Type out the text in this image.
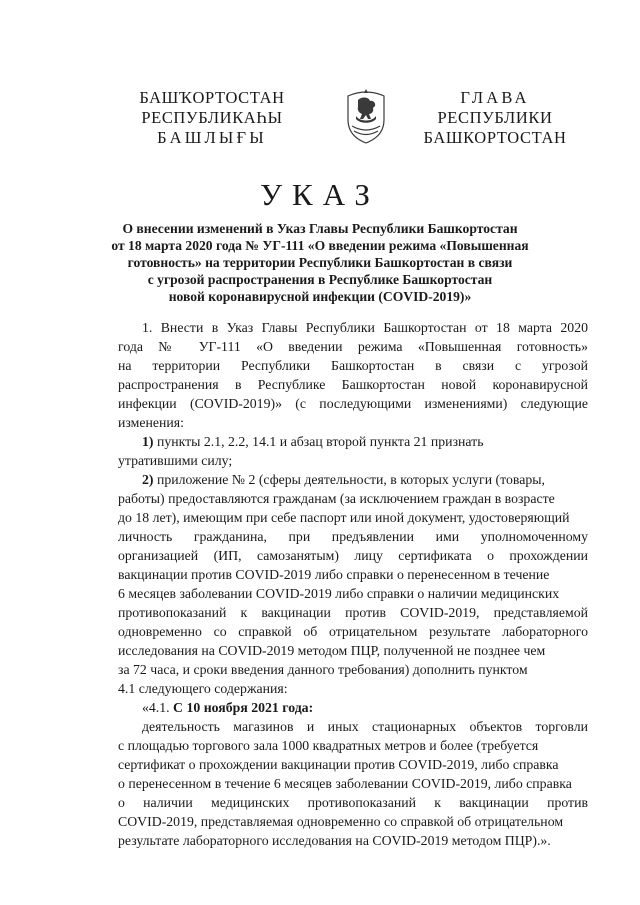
БАШҠОРТОСТАН
РЕСПУБЛИКАҺЫ
БАШЛЫҒЫ
ГЛАВА
РЕСПУБЛИКИ
БАШКОРТОСТАН
УКАЗ
О внесении изменений в Указ Главы Республики Башкортостан
от 18 марта 2020 года № УГ-111 «О введении режима «Повышенная
готовность» на территории Республики Башкортостан в связи
с угрозой распространения в Республике Башкортостан
новой коронавирусной инфекции (COVID-2019)»
1. Внести в Указ Главы Республики Башкортостан от 18 марта 2020
года № УГ-111 «О введении режима «Повышенная готовность»
на территории Республики Башкортостан в связи с угрозой
распространения в Республике Башкортостан новой коронавирусной
инфекции (COVID-2019)» (с последующими изменениями) следующие
изменения:
1) пункты 2.1, 2.2, 14.1 и абзац второй пункта 21 признать
утратившими силу;
2) приложение № 2 (сферы деятельности, в которых услуги (товары,
работы) предоставляются гражданам (за исключением граждан в возрасте
до 18 лет), имеющим при себе паспорт или иной документ, удостоверяющий
личность гражданина, при предъявлении ими уполномоченному
организацией (ИП, самозанятым) лицу сертификата о прохождении
вакцинации против COVID-2019 либо справки о перенесенном в течение
6 месяцев заболевании COVID-2019 либо справки о наличии медицинских
противопоказаний к вакцинации против COVID-2019, представляемой
одновременно со справкой об отрицательном результате лабораторного
исследования на COVID-2019 методом ПЦР, полученной не позднее чем
за 72 часа, и сроки введения данного требования) дополнить пунктом
4.1 следующего содержания:
«4.1. С 10 ноября 2021 года:
деятельность магазинов и иных стационарных объектов торговли
с площадью торгового зала 1000 квадратных метров и более (требуется
сертификат о прохождении вакцинации против COVID-2019, либо справка
о перенесенном в течение 6 месяцев заболевании COVID-2019, либо справка
о наличии медицинских противопоказаний к вакцинации против
COVID-2019, представляемая одновременно со справкой об отрицательном
результате лабораторного исследования на COVID-2019 методом ПЦР).».
